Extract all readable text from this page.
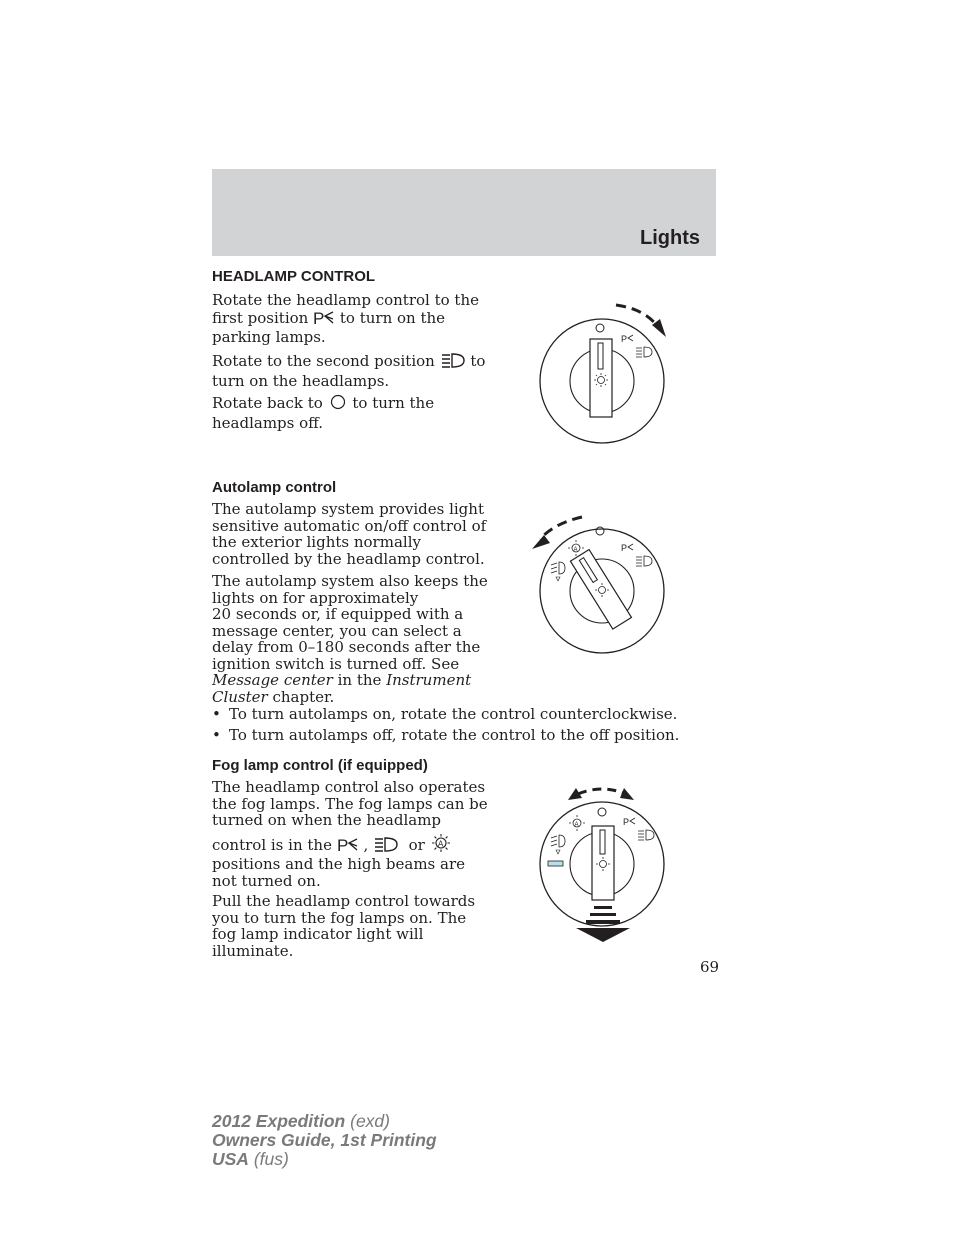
Lights
HEADLAMP CONTROL
Rotate the headlamp control to the
first position P to turn on the
parking lamps.
Rotate to the second position to
turn on the headlamps.
Rotate back to to turn the
headlamps off.
P
Autolamp control
The autolamp system provides light
sensitive automatic on/off control of
the exterior lights normally
controlled by the headlamp control.
The autolamp system also keeps the
lights on for approximately
20 seconds or, if equipped with a
message center, you can select a
delay from 0–180 seconds after the
ignition switch is turned off. See
Message center in the Instrument
Cluster chapter.
• To turn autolamps on, rotate the control counterclockwise.
• To turn autolamps off, rotate the control to the off position.
P
A
Fog lamp control (if equipped)
The headlamp control also operates
the fog lamps. The fog lamps can be
turned on when the headlamp
control is in the P ,	or A

positions and the high beams are
not turned on.
Pull the headlamp control towards
you to turn the fog lamps on. The
fog lamp indicator light will
illuminate.
P
A
69
2012 Expedition (exd)
Owners Guide, 1st Printing
USA (fus)
